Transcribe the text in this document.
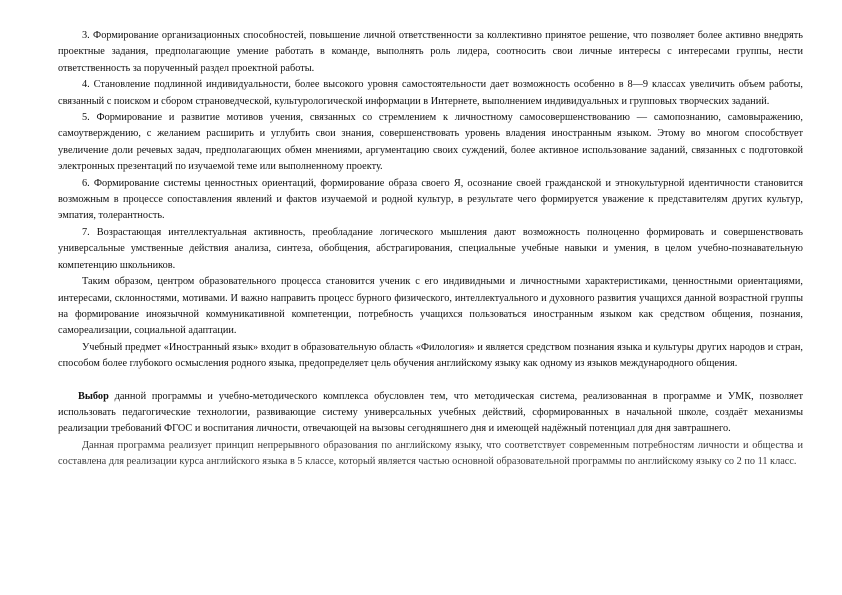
3. Формирование организационных способностей, повышение личной ответственности за коллективно принятое решение, что позволяет более активно внедрять проектные задания, предполагающие умение работать в команде, выполнять роль лидера, соотносить свои личные интересы с интересами группы, нести ответственность за порученный раздел проектной работы.

4. Становление подлинной индивидуальности, более высокого уровня самостоятельности дает возможность особенно в 8—9 классах увеличить объем работы, связанный с поиском и сбором страноведческой, культурологической информации в Интернете, выполнением индивидуальных и групповых творческих заданий.

5. Формирование и развитие мотивов учения, связанных со стремлением к личностному самосовершенствованию — самопознанию, самовыражению, самоутверждению, с желанием расширить и углубить свои знания, совершенствовать уровень владения иностранным языком. Этому во многом способствует увеличение доли речевых задач, предполагающих обмен мнениями, аргументацию своих суждений, более активное использование заданий, связанных с подготовкой электронных презентаций по изучаемой теме или выполненному проекту.

6. Формирование системы ценностных ориентаций, формирование образа своего Я, осознание своей гражданской и этнокультурной идентичности становится возможным в процессе сопоставления явлений и фактов изучаемой и родной культур, в результате чего формируется уважение к представителям других культур, эмпатия, толерантность.

7. Возрастающая интеллектуальная активность, преобладание логического мышления дают возможность полноценно формировать и совершенствовать универсальные умственные действия анализа, синтеза, обобщения, абстрагирования, специальные учебные навыки и умения, в целом учебно-познавательную компетенцию школьников.

Таким образом, центром образовательного процесса становится ученик с его индивидными и личностными характеристиками, ценностными ориентациями, интересами, склонностями, мотивами. И важно направить процесс бурного физического, интеллектуального и духовного развития учащихся данной возрастной группы на формирование иноязычной коммуникативной компетенции, потребность учащихся пользоваться иностранным языком как средством общения, познания, самореализации, социальной адаптации.

Учебный предмет «Иностранный язык» входит в образовательную область «Филология» и является средством познания языка и культуры других народов и стран, способом более глубокого осмысления родного языка, предопределяет цель обучения английскому языку как одному из языков международного общения.

Выбор данной программы и учебно-методического комплекса обусловлен тем, что методическая система, реализованная в программе и УМК, позволяет использовать педагогические технологии, развивающие систему универсальных учебных действий, сформированных в начальной школе, создаёт механизмы реализации требований ФГОС и воспитания личности, отвечающей на вызовы сегодняшнего дня и имеющей надёжный потенциал для дня завтрашнего.

Данная программа реализует принцип непрерывного образования по английскому языку, что соответствует современным потребностям личности и общества и составлена для реализации курса английского языка в 5 классе, который является частью основной образовательной программы по английскому языку со 2 по 11 класс.
